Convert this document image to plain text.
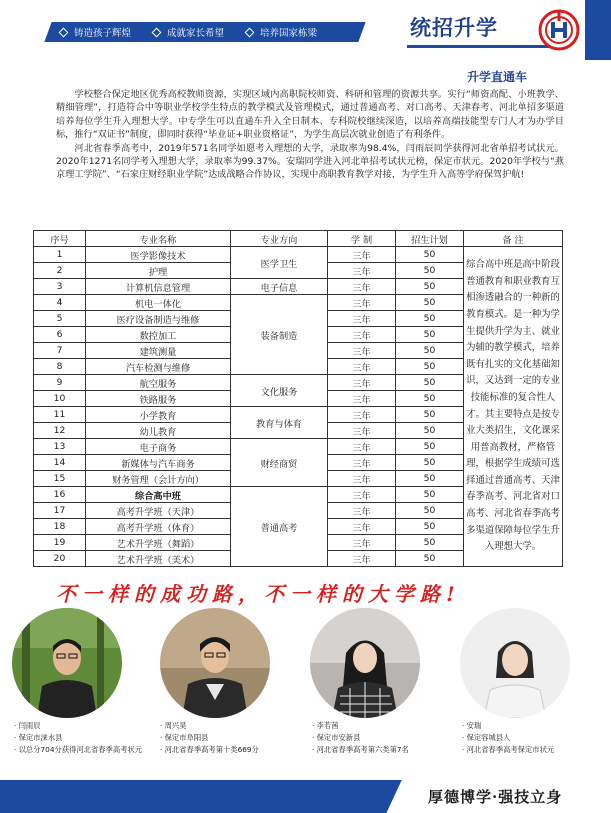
铸造孩子辉煌	成就家长希望	培养国家栋梁	统招升学
升学直通车

学校整合保定地区优秀高校教师资源，实现区域内高职院校师资、科研和管理的资源共享。实行“师资高配、小班教学、精细管理”，打造符合中等职业学校学生特点的教学模式及管理模式，通过普通高考、对口高考、天津春考、河北单招多渠道培养每位学生升入理想大学。中专学生可以直通车升入全日制本、专科院校继续深造，以培养高端技能型专门人才为办学目标，推行“双证书”制度，即同时获得“毕业证+职业资格证”，为学生高层次就业创造了有利条件。

河北省春季高考中，2019年571名同学如愿考入理想的大学，录取率为98.4%，闫雨辰同学获得河北省单招考试状元。2020年1271名同学考入理想大学，录取率为99.37%。安瑞同学进入河北单招考试状元榜，保定市状元。2020年学校与“燕京理工学院”、“石家庄财经职业学院”达成战略合作协议，实现中高职教育教学对接，为学生升入高等学府保驾护航!

序号	专业名称	专业方向	学 制	招生计划	备 注
1	医学影像技术	医学卫生	三年	50	综合高中班是高中阶段普通教育和职业教育互相渗透融合的一种新的教育模式。是一种为学生提供升学为主、就业为辅的教学模式，培养既有扎实的文化基础知识，又达到一定的专业技能标准的复合性人才。其主要特点是按专业大类招生，文化课采用普高教材，严格管理，根据学生成绩可选择通过普通高考、天津春季高考、河北省对口高考、河北省春季高考多渠道保障每位学生升入理想大学。
2	护理		三年	50	
3	计算机信息管理	电子信息	三年	50	
4	机电一体化	装备制造	三年	50	
5	医疗设备制造与维修		三年	50	
6	数控加工		三年	50	
7	建筑测量		三年	50	
8	汽车检测与维修		三年	50	
9	航空服务	文化服务	三年	50	
10	铁路服务		三年	50	
11	小学教育	教育与体育	三年	50	
12	幼儿教育		三年	50	
13	电子商务	财经商贸	三年	50	
14	新媒体与汽车商务		三年	50	
15	财务管理（会计方向）		三年	50	
16	综合高中班	普通高考	三年	50	
17	高考升学班（天津）		三年	50	
18	高考升学班（体育）		三年	50	
19	艺术升学班（舞蹈）		三年	50	
20	艺术升学班（美术）		三年	50	
不一样的成功路，不一样的大学路!
· 闫雨辰
· 保定市涞水县
· 以总分704分获得河北省春季高考状元
· 周兴昊
· 保定市阜阳县
· 河北省春季高考第十类669分
· 李若茜
· 保定市安新县
· 河北省春季高考第六类第7名
· 安瑞
· 保定容城县人
· 河北省春季高考保定市状元
厚德博学·强技立身
